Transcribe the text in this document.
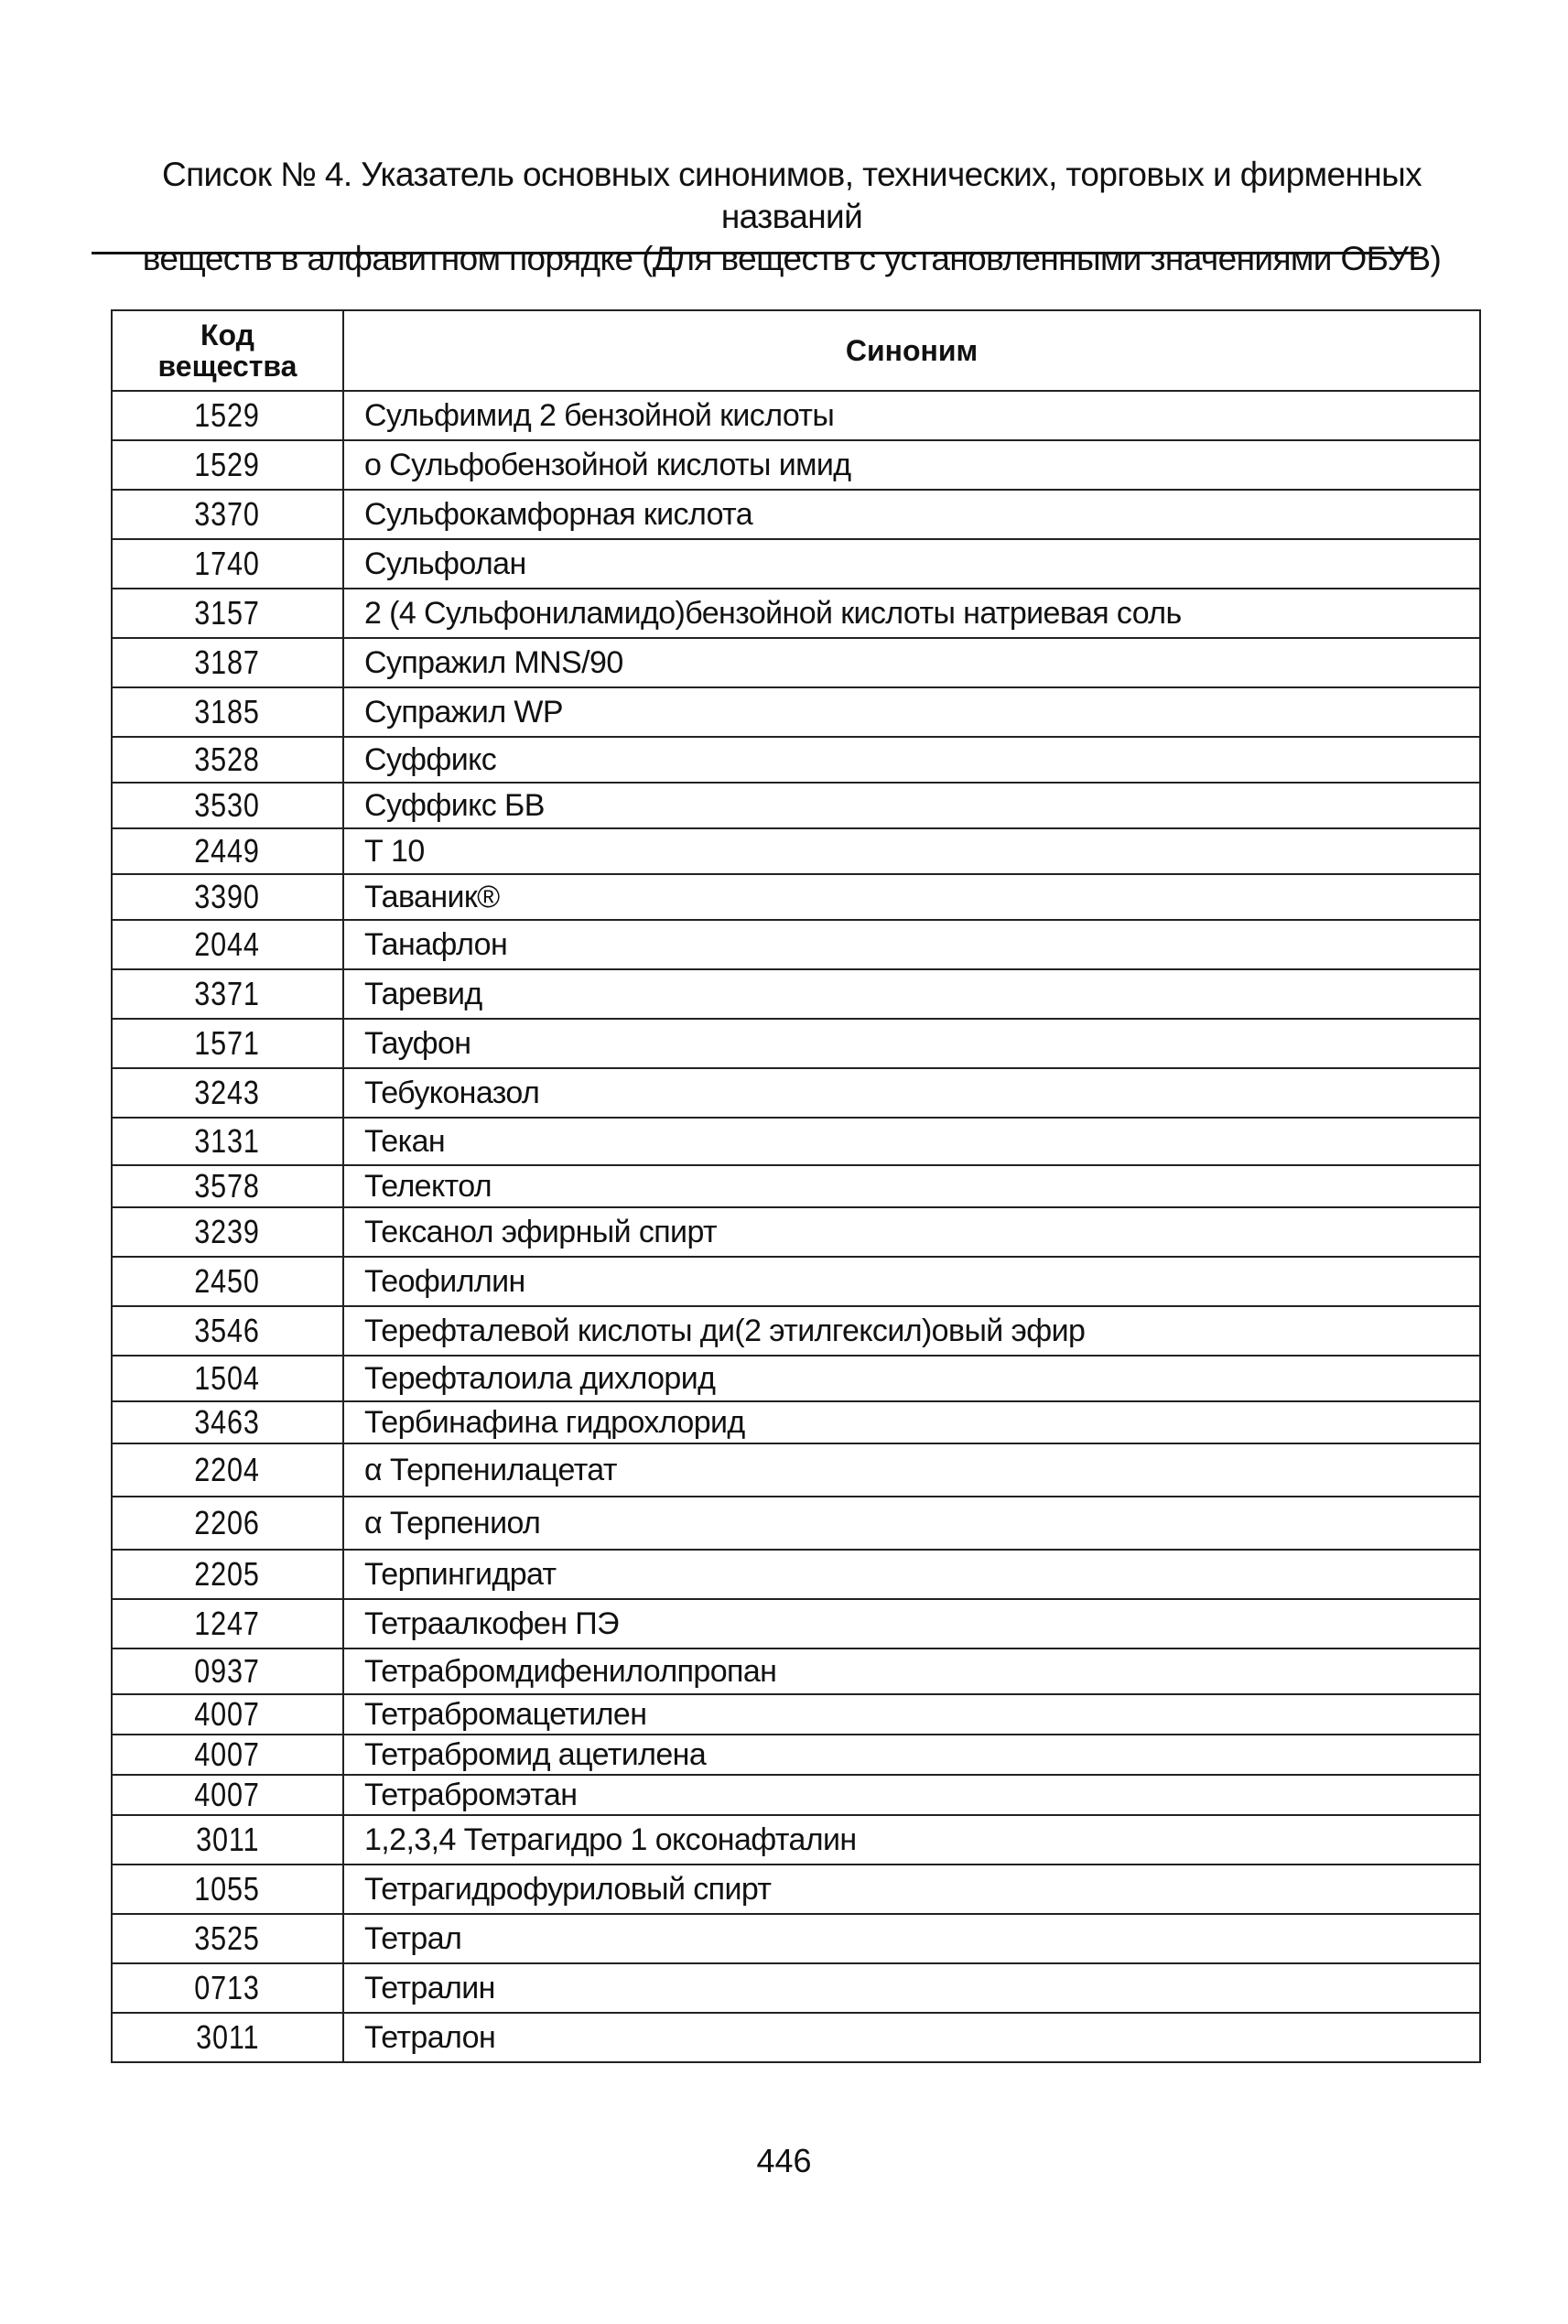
Список № 4. Указатель основных синонимов, технических, торговых и фирменных названий
веществ в алфавитном порядке (Для веществ с установленными значениями ОБУВ)
Код
вещества	Синоним
1529	Сульфимид 2 бензойной кислоты
1529	о Сульфобензойной кислоты имид
3370	Сульфокамфорная кислота
1740	Сульфолан
3157	2 (4 Сульфониламидо)бензойной кислоты натриевая соль
3187	Супражил MNS/90
3185	Супражил WP
3528	Суффикс
3530	Суффикс БВ
2449	Т 10
3390	Таваник®
2044	Танафлон
3371	Таревид
1571	Тауфон
3243	Тебуконазол
3131	Текан
3578	Телектол
3239	Тексанол эфирный спирт
2450	Теофиллин
3546	Терефталевой кислоты ди(2 этилгексил)овый эфир
1504	Терефталоила дихлорид
3463	Тербинафина гидрохлорид
2204	α Терпенилацетат
2206	α Терпениол
2205	Терпингидрат
1247	Тетраалкофен ПЭ
0937	Тетрабромдифенилолпропан
4007	Тетрабромацетилен
4007	Тетрабромид ацетилена
4007	Тетрабромэтан
3011	1,2,3,4 Тетрагидро 1 оксонафталин
1055	Тетрагидрофуриловый спирт
3525	Тетрал
0713	Тетралин
3011	Тетралон
446
